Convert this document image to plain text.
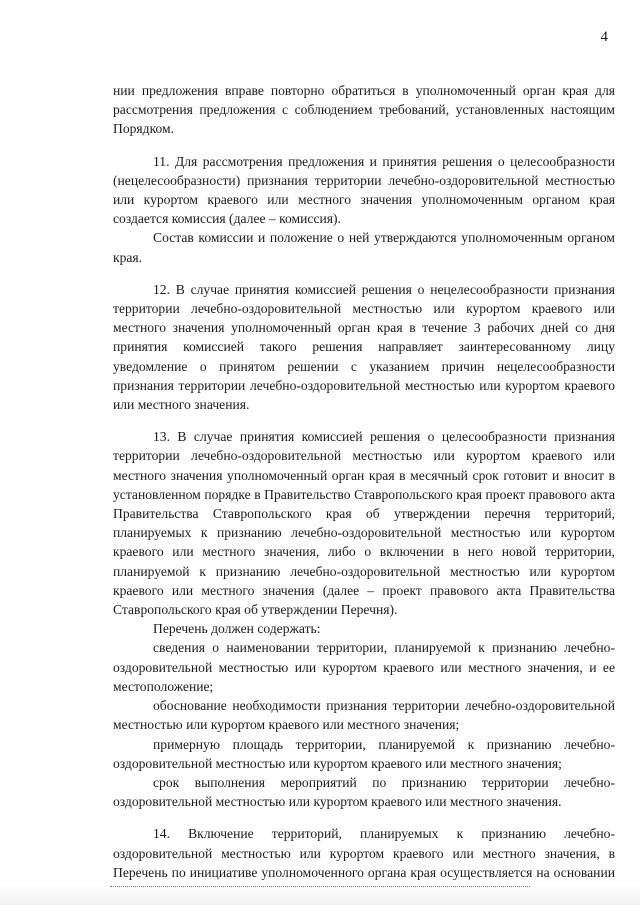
4

нии предложения вправе повторно обратиться в уполномоченный орган края для рассмотрения предложения с соблюдением требований, установленных настоящим Порядком.

11. Для рассмотрения предложения и принятия решения о целесообразности (нецелесообразности) признания территории лечебно-оздоровительной местностью или курортом краевого или местного значения уполномоченным органом края создается комиссия (далее – комиссия).

Состав комиссии и положение о ней утверждаются уполномоченным органом края.

12. В случае принятия комиссией решения о нецелесообразности признания территории лечебно-оздоровительной местностью или курортом краевого или местного значения уполномоченный орган края в течение 3 рабочих дней со дня принятия комиссией такого решения направляет заинтересованному лицу уведомление о принятом решении с указанием причин нецелесообразности признания территории лечебно-оздоровительной местностью или курортом краевого или местного значения.

13. В случае принятия комиссией решения о целесообразности признания территории лечебно-оздоровительной местностью или курортом краевого или местного значения уполномоченный орган края в месячный срок готовит и вносит в установленном порядке в Правительство Ставропольского края проект правового акта Правительства Ставропольского края об утверждении перечня территорий, планируемых к признанию лечебно-оздоровительной местностью или курортом краевого или местного значения, либо о включении в него новой территории, планируемой к признанию лечебно-оздоровительной местностью или курортом краевого или местного значения (далее – проект правового акта Правительства Ставропольского края об утверждении Перечня).

Перечень должен содержать:

сведения о наименовании территории, планируемой к признанию лечебно-оздоровительной местностью или курортом краевого или местного значения, и ее местоположение;

обоснование необходимости признания территории лечебно-оздоровительной местностью или курортом краевого или местного значения;

примерную площадь территории, планируемой к признанию лечебно-оздоровительной местностью или курортом краевого или местного значения;

срок выполнения мероприятий по признанию территории лечебно-оздоровительной местностью или курортом краевого или местного значения.

14. Включение территорий, планируемых к признанию лечебно-оздоровительной местностью или курортом краевого или местного значения, в Перечень по инициативе уполномоченного органа края осуществляется на основании
